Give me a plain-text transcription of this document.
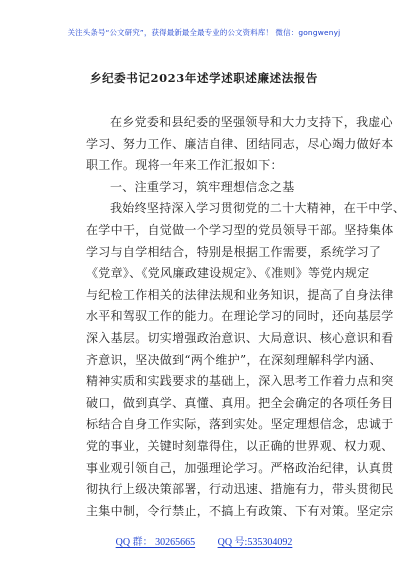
关注头条号“公文研究”，获得最新最全最专业的公文资料库！ 微信：gongwenyj
乡纪委书记2023年述学述职述廉述法报告
在乡党委和县纪委的坚强领导和大力支持下，我虚心
学习、努力工作、廉洁自律、团结同志，尽心竭力做好本
职工作。现将一年来工作汇报如下：
一、注重学习，筑牢理想信念之基
我始终坚持深入学习贯彻党的二十大精神，在干中学、
在学中干，自觉做一个学习型的党员领导干部。坚持集体
学习与自学相结合，特别是根据工作需要，系统学习了
《党章》、《党风廉政建设规定》、《准则》等党内规定
与纪检工作相关的法律法规和业务知识，提高了自身法律
水平和驾驭工作的能力。在理论学习的同时，还向基层学
深入基层。切实增强政治意识、大局意识、核心意识和看
齐意识，坚决做到“两个维护”，在深刻理解科学内涵、
精神实质和实践要求的基础上，深入思考工作着力点和突
破口，做到真学、真懂、真用。把全会确定的各项任务目
标结合自身工作实际，落到实处。坚定理想信念，忠诚于
党的事业，关键时刻靠得住，以正确的世界观、权力观、
事业观引领自己，加强理论学习。严格政治纪律，认真贯
彻执行上级决策部署，行动迅速、措施有力，带头贯彻民
主集中制，令行禁止，不搞上有政策、下有对策。坚定宗
QQ 群： 30265665 QQ 号:535304092
